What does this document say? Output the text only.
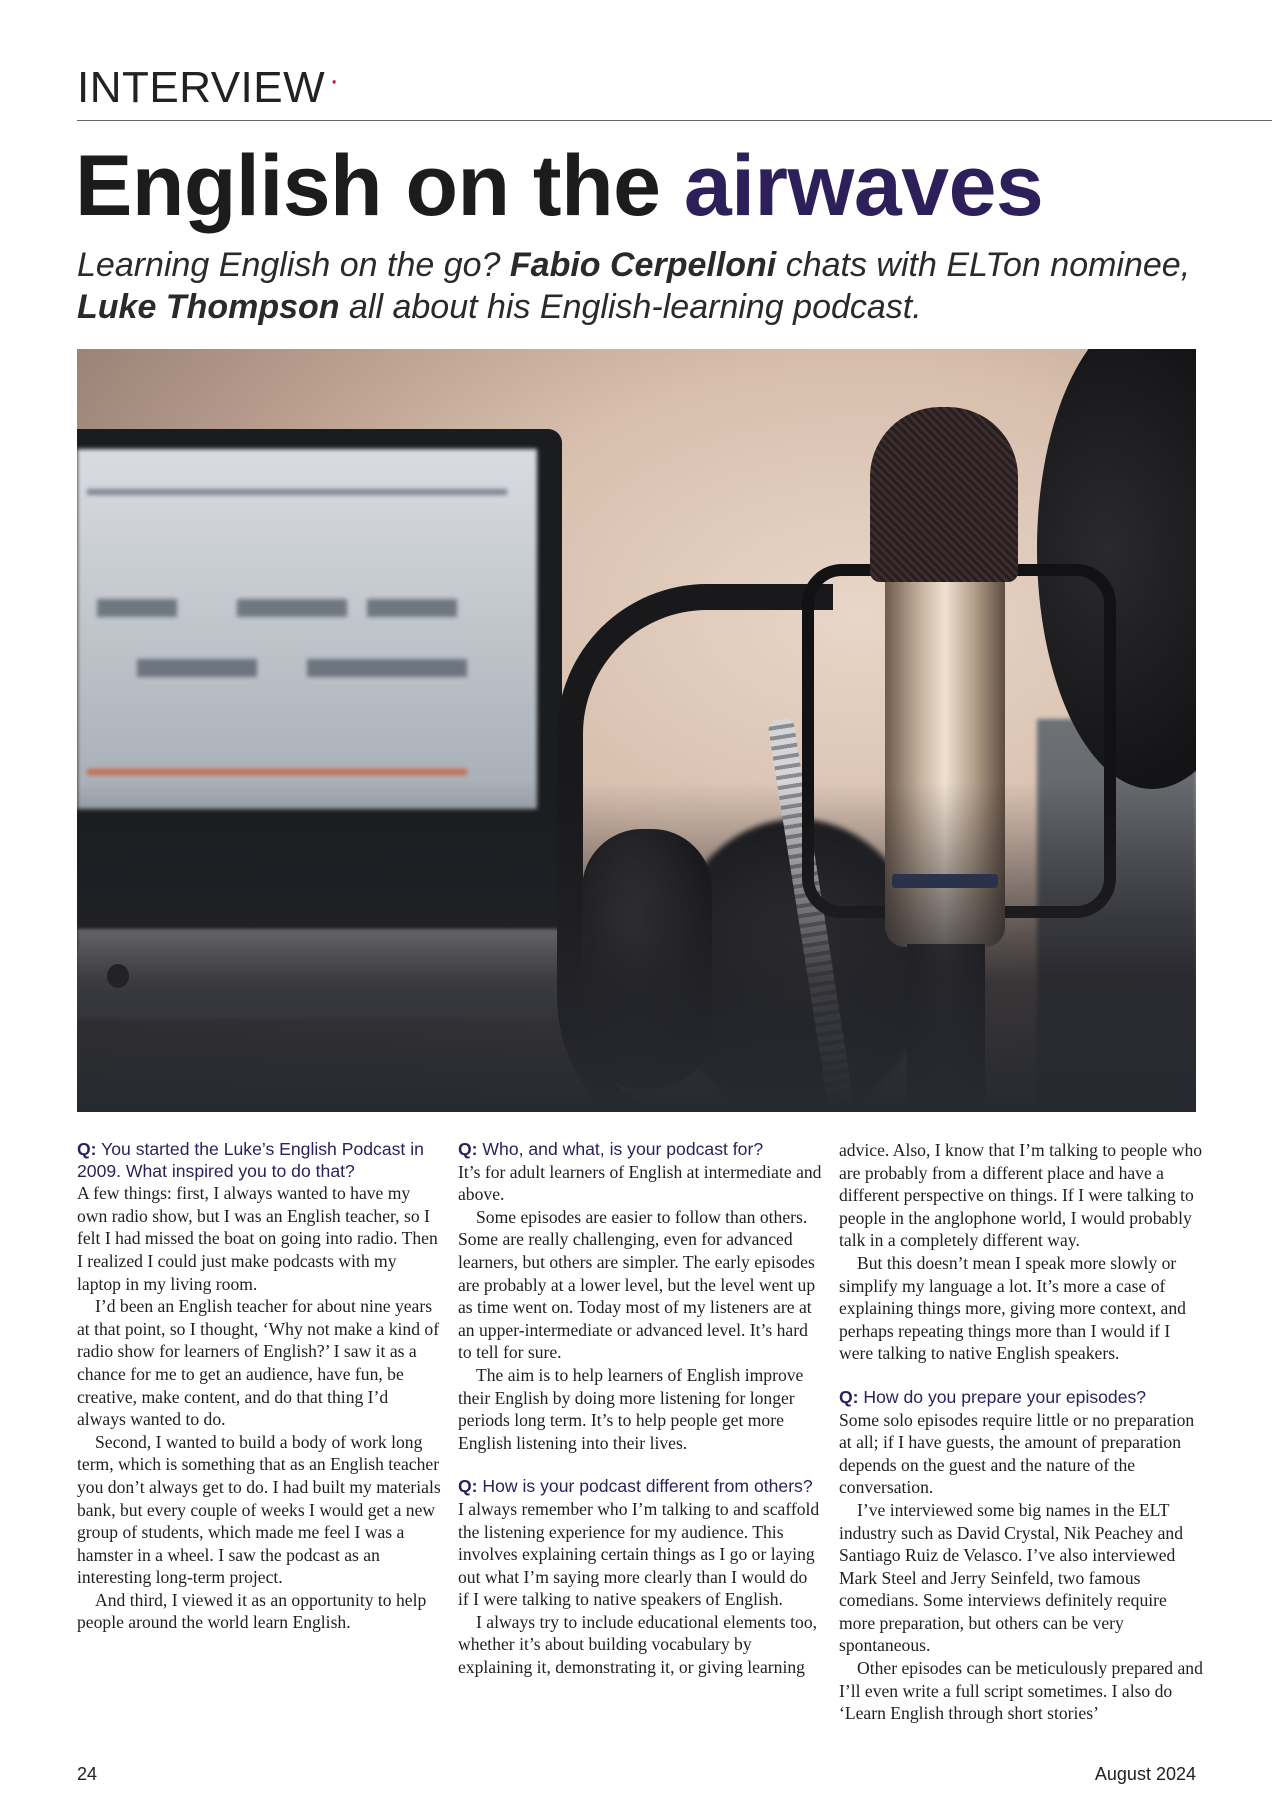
INTERVIEW ·
English on the airwaves

Learning English on the go? Fabio Cerpelloni chats with ELTon nominee, Luke Thompson all about his English-learning podcast.

Q: You started the Luke’s English Podcast in 2009. What inspired you to do that?

A few things: first, I always wanted to have my own radio show, but I was an English teacher, so I felt I had missed the boat on going into radio. Then I realized I could just make podcasts with my laptop in my living room.

I’d been an English teacher for about nine years at that point, so I thought, ‘Why not make a kind of radio show for learners of English?’ I saw it as a chance for me to get an audience, have fun, be creative, make content, and do that thing I’d always wanted to do.

Second, I wanted to build a body of work long term, which is something that as an English teacher you don’t always get to do. I had built my materials bank, but every couple of weeks I would get a new group of students, which made me feel I was a hamster in a wheel. I saw the podcast as an interesting long-term project.

And third, I viewed it as an opportunity to help people around the world learn English.

Q: Who, and what, is your podcast for?

It’s for adult learners of English at intermediate and above.

Some episodes are easier to follow than others. Some are really challenging, even for advanced learners, but others are simpler. The early episodes are probably at a lower level, but the level went up as time went on. Today most of my listeners are at an upper-intermediate or advanced level. It’s hard to tell for sure.

The aim is to help learners of English improve their English by doing more listening for longer periods long term. It’s to help people get more English listening into their lives.

Q: How is your podcast different from others?

I always remember who I’m talking to and scaffold the listening experience for my audience. This involves explaining certain things as I go or laying out what I’m saying more clearly than I would do if I were talking to native speakers of English.

I always try to include educational elements too, whether it’s about building vocabulary by explaining it, demonstrating it, or giving learning

advice. Also, I know that I’m talking to people who are probably from a different place and have a different perspective on things. If I were talking to people in the anglophone world, I would probably talk in a completely different way.

But this doesn’t mean I speak more slowly or simplify my language a lot. It’s more a case of explaining things more, giving more context, and perhaps repeating things more than I would if I were talking to native English speakers.

Q: How do you prepare your episodes?

Some solo episodes require little or no preparation at all; if I have guests, the amount of preparation depends on the guest and the nature of the conversation.

I’ve interviewed some big names in the ELT industry such as David Crystal, Nik Peachey and Santiago Ruiz de Velasco. I’ve also interviewed Mark Steel and Jerry Seinfeld, two famous comedians. Some interviews definitely require more preparation, but others can be very spontaneous.

Other episodes can be meticulously prepared and I’ll even write a full script sometimes. I also do ‘Learn English through short stories’

24	August 2024
